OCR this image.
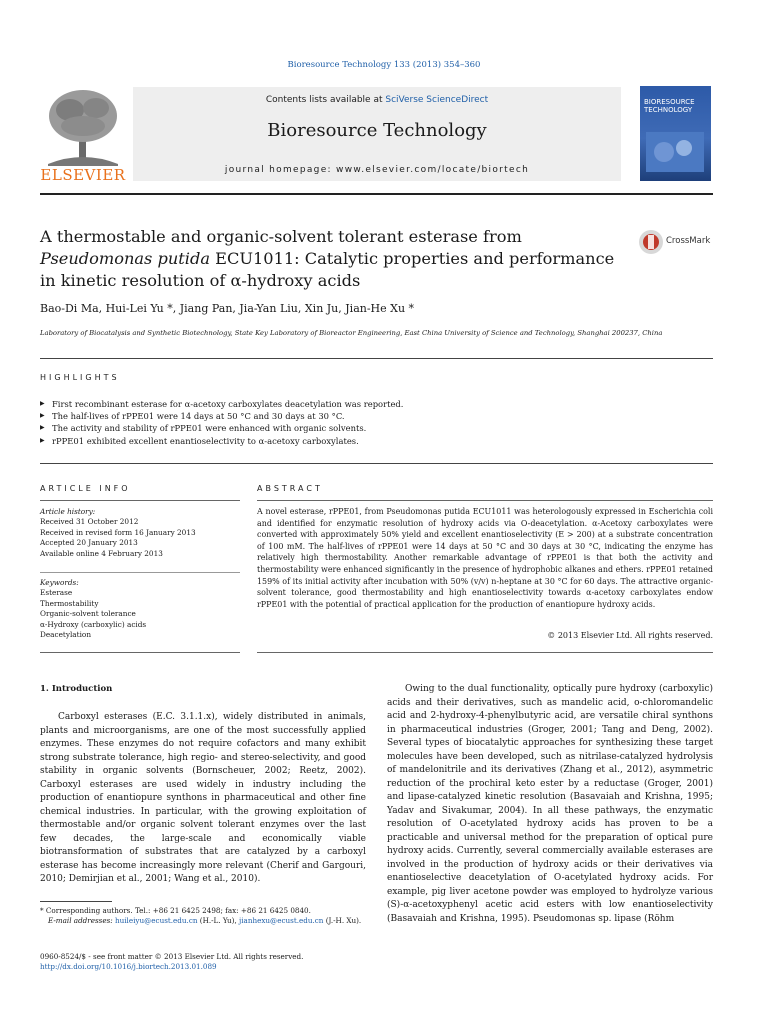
Bioresource Technology 133 (2013) 354–360
ELSEVIER
Contents lists available at SciVerse ScienceDirect
Bioresource Technology
journal homepage: www.elsevier.com/locate/biortech
BIORESOURCE TECHNOLOGY
A thermostable and organic-solvent tolerant esterase from Pseudomonas putida ECU1011: Catalytic properties and performance in kinetic resolution of α-hydroxy acids
CrossMark
Bao-Di Ma, Hui-Lei Yu *, Jiang Pan, Jia-Yan Liu, Xin Ju, Jian-He Xu *
Laboratory of Biocatalysis and Synthetic Biotechnology, State Key Laboratory of Bioreactor Engineering, East China University of Science and Technology, Shanghai 200237, China
HIGHLIGHTS
▶ First recombinant esterase for α-acetoxy carboxylates deacetylation was reported.
▶ The half-lives of rPPE01 were 14 days at 50 °C and 30 days at 30 °C.
▶ The activity and stability of rPPE01 were enhanced with organic solvents.
▶ rPPE01 exhibited excellent enantioselectivity to α-acetoxy carboxylates.
ARTICLE INFO
Article history:
Received 31 October 2012
Received in revised form 16 January 2013
Accepted 20 January 2013
Available online 4 February 2013
Keywords:
Esterase
Thermostability
Organic-solvent tolerance
α-Hydroxy (carboxylic) acids
Deacetylation
ABSTRACT
A novel esterase, rPPE01, from Pseudomonas putida ECU1011 was heterologously expressed in Escherichia coli and identified for enzymatic resolution of hydroxy acids via O-deacetylation. α-Acetoxy carboxylates were converted with approximately 50% yield and excellent enantioselectivity (E > 200) at a substrate concentration of 100 mM. The half-lives of rPPE01 were 14 days at 50 °C and 30 days at 30 °C, indicating the enzyme has relatively high thermostability. Another remarkable advantage of rPPE01 is that both the activity and thermostability were enhanced significantly in the presence of hydrophobic alkanes and ethers. rPPE01 retained 159% of its initial activity after incubation with 50% (v/v) n-heptane at 30 °C for 60 days. The attractive organic-solvent tolerance, good thermostability and high enantioselectivity towards α-acetoxy carboxylates endow rPPE01 with the potential of practical application for the production of enantiopure hydroxy acids.
© 2013 Elsevier Ltd. All rights reserved.
1. Introduction

Carboxyl esterases (E.C. 3.1.1.x), widely distributed in animals, plants and microorganisms, are one of the most successfully applied enzymes. These enzymes do not require cofactors and many exhibit strong substrate tolerance, high regio- and stereo-selectivity, and good stability in organic solvents (Bornscheuer, 2002; Reetz, 2002). Carboxyl esterases are used widely in industry including the production of enantiopure synthons in pharmaceutical and other fine chemical industries. In particular, with the growing exploitation of thermostable and/or organic solvent tolerant enzymes over the last few decades, the large-scale and economically viable biotransformation of substrates that are catalyzed by a carboxyl esterase has become increasingly more relevant (Cherif and Gargouri, 2010; Demirjian et al., 2001; Wang et al., 2010).

Owing to the dual functionality, optically pure hydroxy (carboxylic) acids and their derivatives, such as mandelic acid, o-chloromandelic acid and 2-hydroxy-4-phenylbutyric acid, are versatile chiral synthons in pharmaceutical industries (Groger, 2001; Tang and Deng, 2002). Several types of biocatalytic approaches for synthesizing these target molecules have been developed, such as nitrilase-catalyzed hydrolysis of mandelonitrile and its derivatives (Zhang et al., 2012), asymmetric reduction of the prochiral keto ester by a reductase (Groger, 2001) and lipase-catalyzed kinetic resolution (Basavaiah and Krishna, 1995; Yadav and Sivakumar, 2004). In all these pathways, the enzymatic resolution of O-acetylated hydroxy acids has proven to be a practicable and universal method for the preparation of optical pure hydroxy acids. Currently, several commercially available esterases are involved in the production of hydroxy acids or their derivatives via enantioselective deacetylation of O-acetylated hydroxy acids. For example, pig liver acetone powder was employed to hydrolyze various (S)-α-acetoxyphenyl acetic acid esters with low enantioselectivity (Basavaiah and Krishna, 1995). Pseudomonas sp. lipase (Röhm

* Corresponding authors. Tel.: +86 21 6425 2498; fax: +86 21 6425 0840.
E-mail addresses: huileiyu@ecust.edu.cn (H.-L. Yu), jianhexu@ecust.edu.cn (J.-H. Xu).
0960-8524/$ - see front matter © 2013 Elsevier Ltd. All rights reserved.
http://dx.doi.org/10.1016/j.biortech.2013.01.089
